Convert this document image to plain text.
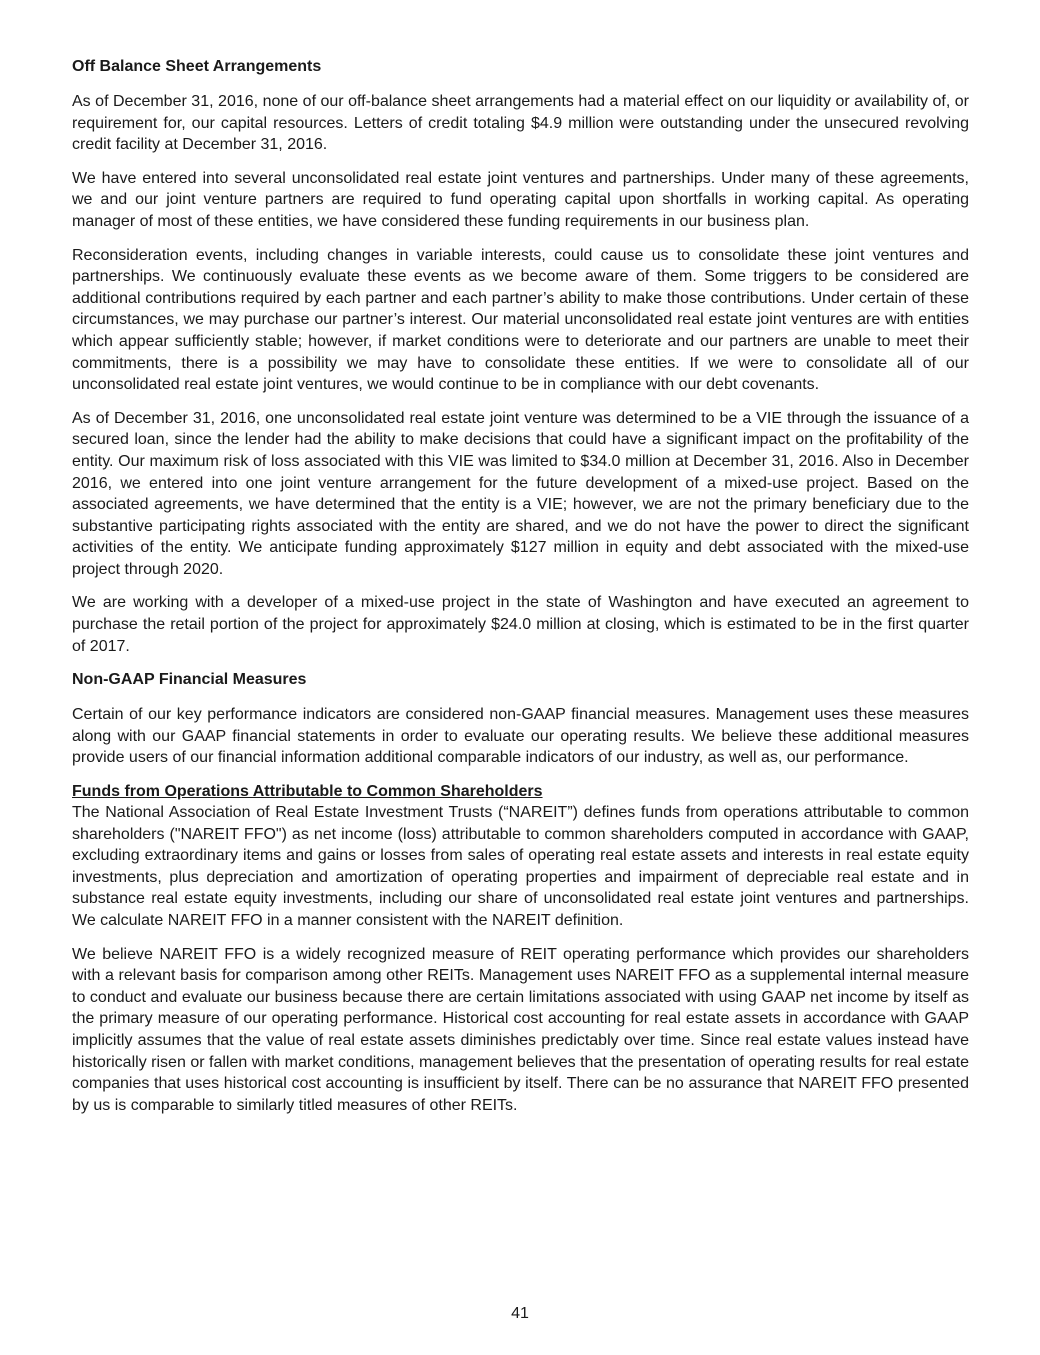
Off Balance Sheet Arrangements

As of December 31, 2016, none of our off-balance sheet arrangements had a material effect on our liquidity or availability of, or requirement for, our capital resources. Letters of credit totaling $4.9 million were outstanding under the unsecured revolving credit facility at December 31, 2016.

We have entered into several unconsolidated real estate joint ventures and partnerships. Under many of these agreements, we and our joint venture partners are required to fund operating capital upon shortfalls in working capital. As operating manager of most of these entities, we have considered these funding requirements in our business plan.

Reconsideration events, including changes in variable interests, could cause us to consolidate these joint ventures and partnerships. We continuously evaluate these events as we become aware of them. Some triggers to be considered are additional contributions required by each partner and each partner’s ability to make those contributions. Under certain of these circumstances, we may purchase our partner’s interest. Our material unconsolidated real estate joint ventures are with entities which appear sufficiently stable; however, if market conditions were to deteriorate and our partners are unable to meet their commitments, there is a possibility we may have to consolidate these entities. If we were to consolidate all of our unconsolidated real estate joint ventures, we would continue to be in compliance with our debt covenants.

As of December 31, 2016, one unconsolidated real estate joint venture was determined to be a VIE through the issuance of a secured loan, since the lender had the ability to make decisions that could have a significant impact on the profitability of the entity. Our maximum risk of loss associated with this VIE was limited to $34.0 million at December 31, 2016. Also in December 2016, we entered into one joint venture arrangement for the future development of a mixed-use project. Based on the associated agreements, we have determined that the entity is a VIE; however, we are not the primary beneficiary due to the substantive participating rights associated with the entity are shared, and we do not have the power to direct the significant activities of the entity. We anticipate funding approximately $127 million in equity and debt associated with the mixed-use project through 2020.

We are working with a developer of a mixed-use project in the state of Washington and have executed an agreement to purchase the retail portion of the project for approximately $24.0 million at closing, which is estimated to be in the first quarter of 2017.

Non-GAAP Financial Measures

Certain of our key performance indicators are considered non-GAAP financial measures. Management uses these measures along with our GAAP financial statements in order to evaluate our operating results. We believe these additional measures provide users of our financial information additional comparable indicators of our industry, as well as, our performance.

Funds from Operations Attributable to Common Shareholders

The National Association of Real Estate Investment Trusts (“NAREIT”) defines funds from operations attributable to common shareholders ("NAREIT FFO") as net income (loss) attributable to common shareholders computed in accordance with GAAP, excluding extraordinary items and gains or losses from sales of operating real estate assets and interests in real estate equity investments, plus depreciation and amortization of operating properties and impairment of depreciable real estate and in substance real estate equity investments, including our share of unconsolidated real estate joint ventures and partnerships. We calculate NAREIT FFO in a manner consistent with the NAREIT definition.

We believe NAREIT FFO is a widely recognized measure of REIT operating performance which provides our shareholders with a relevant basis for comparison among other REITs. Management uses NAREIT FFO as a supplemental internal measure to conduct and evaluate our business because there are certain limitations associated with using GAAP net income by itself as the primary measure of our operating performance. Historical cost accounting for real estate assets in accordance with GAAP implicitly assumes that the value of real estate assets diminishes predictably over time. Since real estate values instead have historically risen or fallen with market conditions, management believes that the presentation of operating results for real estate companies that uses historical cost accounting is insufficient by itself. There can be no assurance that NAREIT FFO presented by us is comparable to similarly titled measures of other REITs.

41
